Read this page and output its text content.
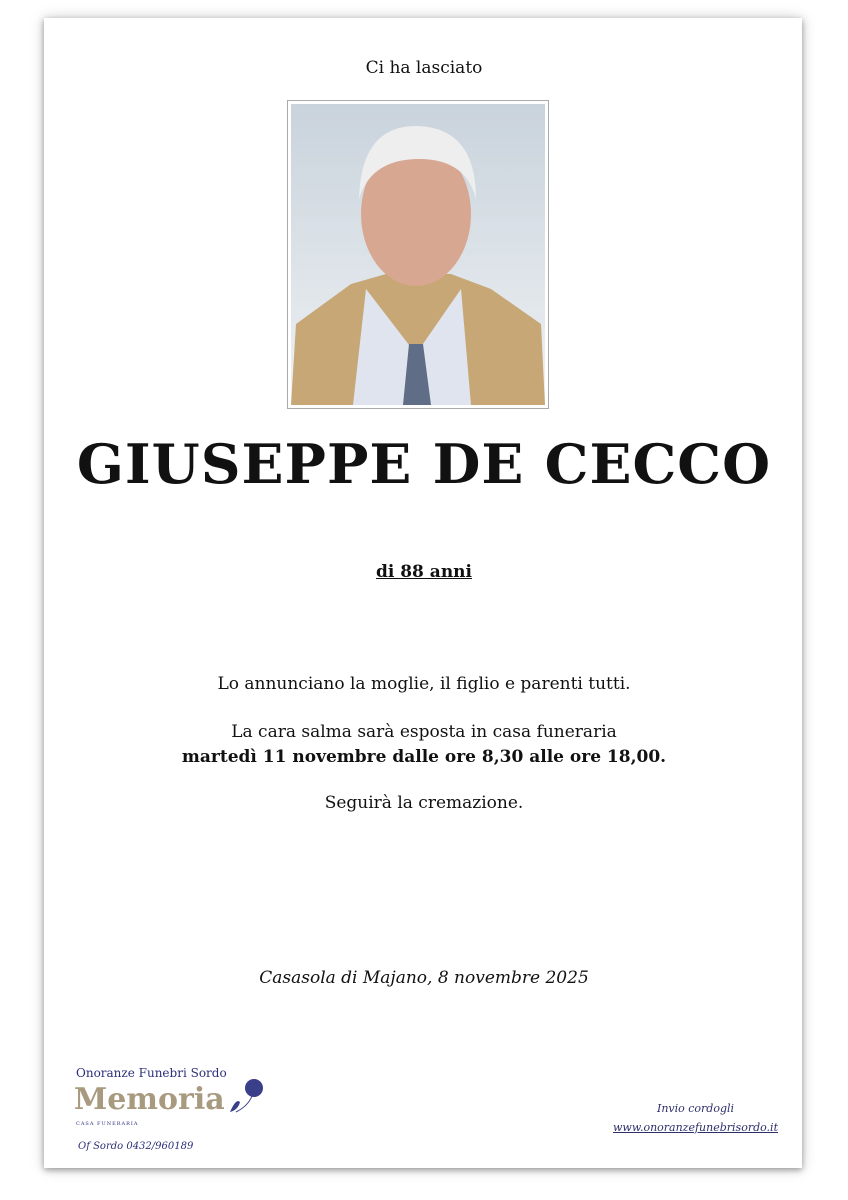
Ci ha lasciato
GIUSEPPE DE CECCO
di 88 anni
Lo annunciano la moglie, il figlio e parenti tutti.
La cara salma sarà esposta in casa funeraria
martedì 11 novembre dalle ore 8,30 alle ore 18,00.
Seguirà la cremazione.
Casasola di Majano, 8 novembre 2025
Onoranze Funebri Sordo
Memoria
CASA FUNERARIA
Of Sordo 0432/960189
Invio cordogli
www.onoranzefunebrisordo.it
